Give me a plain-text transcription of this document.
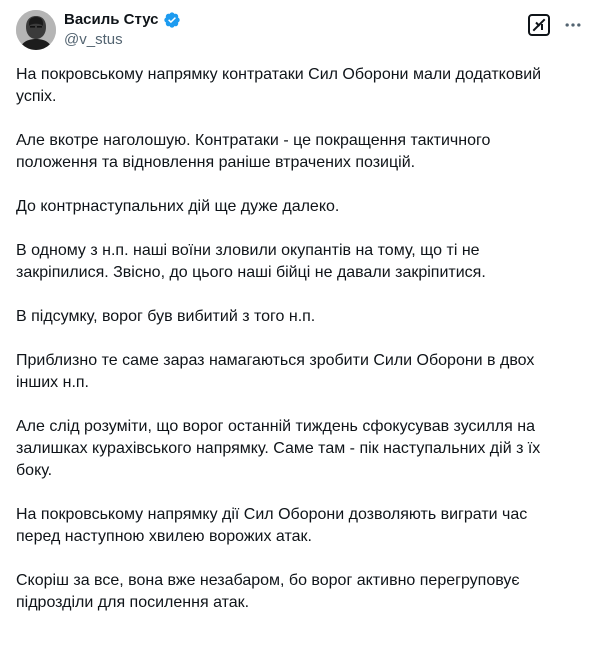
Василь Стус
@v_stus

На покровському напрямку контратаки Сил Оборони мали додатковий
успіх.

Але вкотре наголошую. Контратаки - це покращення тактичного
положення та відновлення раніше втрачених позицій.

До контрнаступальних дій ще дуже далеко.

В одному з н.п. наші воїни зловили окупантів на тому, що ті не
закріпилися. Звісно, до цього наші бійці не давали закріпитися.

В підсумку, ворог був вибитий з того н.п.

Приблизно те саме зараз намагаються зробити Сили Оборони в двох
інших н.п.

Але слід розуміти, що ворог останній тиждень сфокусував зусилля на
залишках курахівського напрямку. Саме там - пік наступальних дій з їх
боку.

На покровському напрямку дії Сил Оборони дозволяють виграти час
перед наступною хвилею ворожих атак.

Скоріш за все, вона вже незабаром, бо ворог активно перегруповує
підрозділи для посилення атак.
